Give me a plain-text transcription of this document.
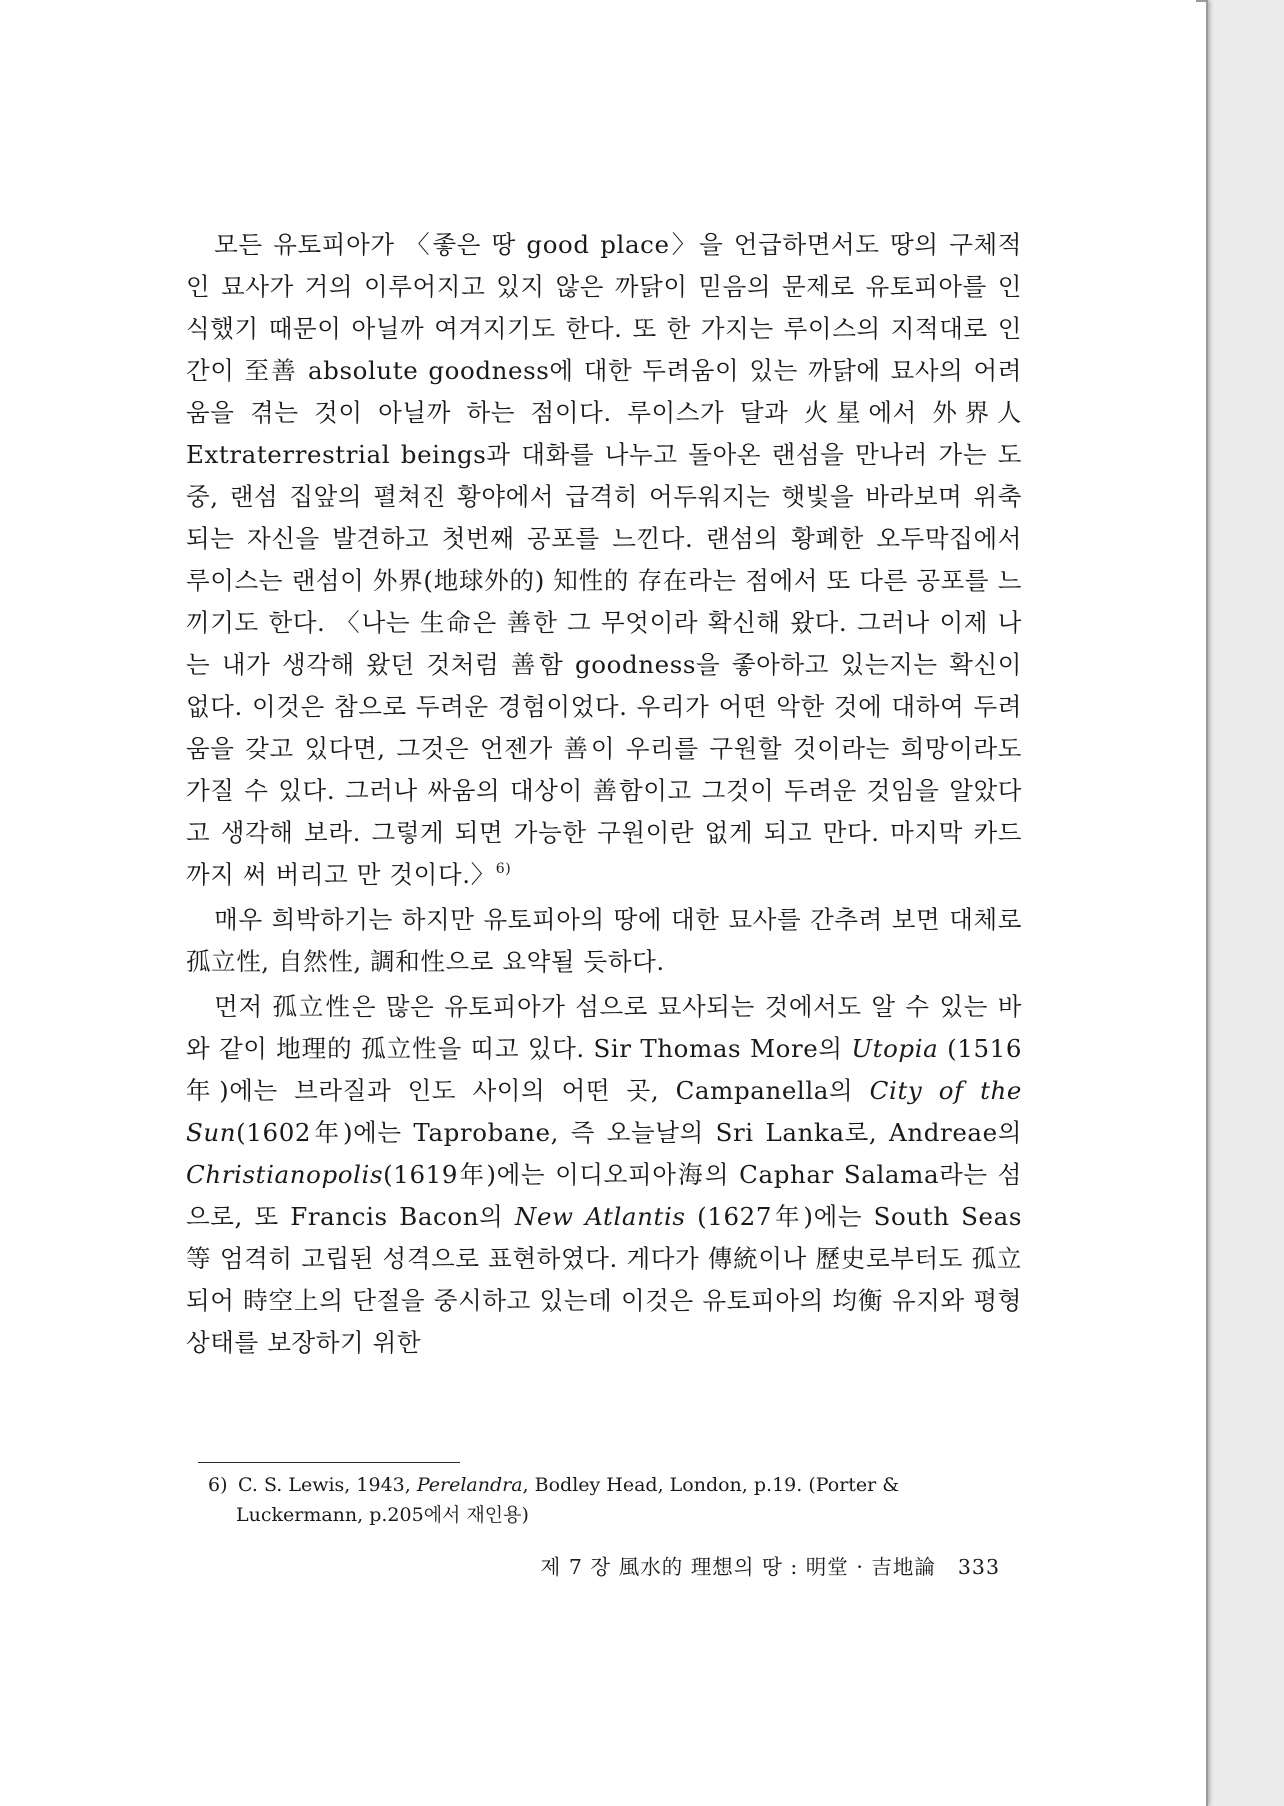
모든 유토피아가 〈좋은 땅 good place〉을 언급하면서도 땅의 구체적인 묘사가 거의 이루어지고 있지 않은 까닭이 믿음의 문제로 유토피아를 인식했기 때문이 아닐까 여겨지기도 한다. 또 한 가지는 루이스의 지적대로 인간이 至善 absolute goodness에 대한 두려움이 있는 까닭에 묘사의 어려움을 겪는 것이 아닐까 하는 점이다. 루이스가 달과 火星에서 外界人 Extraterrestrial beings과 대화를 나누고 돌아온 랜섬을 만나러 가는 도중, 랜섬 집앞의 펼쳐진 황야에서 급격히 어두워지는 햇빛을 바라보며 위축되는 자신을 발견하고 첫번째 공포를 느낀다. 랜섬의 황폐한 오두막집에서 루이스는 랜섬이 外界(地球外的) 知性的 存在라는 점에서 또 다른 공포를 느끼기도 한다. 〈나는 生命은 善한 그 무엇이라 확신해 왔다. 그러나 이제 나는 내가 생각해 왔던 것처럼 善함 goodness을 좋아하고 있는지는 확신이 없다. 이것은 참으로 두려운 경험이었다. 우리가 어떤 악한 것에 대하여 두려움을 갖고 있다면, 그것은 언젠가 善이 우리를 구원할 것이라는 희망이라도 가질 수 있다. 그러나 싸움의 대상이 善함이고 그것이 두려운 것임을 알았다고 생각해 보라. 그렇게 되면 가능한 구원이란 없게 되고 만다. 마지막 카드까지 써 버리고 만 것이다.〉$^{6)}$

매우 희박하기는 하지만 유토피아의 땅에 대한 묘사를 간추려 보면 대체로 孤立性, 自然性, 調和性으로 요약될 듯하다.

먼저 孤立性은 많은 유토피아가 섬으로 묘사되는 것에서도 알 수 있는 바와 같이 地理的 孤立性을 띠고 있다. Sir Thomas More의 Utopia (1516年)에는 브라질과 인도 사이의 어떤 곳, Campanella의 City of the Sun(1602年)에는 Taprobane, 즉 오늘날의 Sri Lanka로, Andreae의 Christianopolis(1619年)에는 이디오피아海의 Caphar Salama라는 섬으로, 또 Francis Bacon의 New Atlantis (1627年)에는 South Seas 等 엄격히 고립된 성격으로 표현하였다. 게다가 傳統이나 歷史로부터도 孤立되어 時空上의 단절을 중시하고 있는데 이것은 유토피아의 均衡 유지와 평형상태를 보장하기 위한

6) C. S. Lewis, 1943, Perelandra, Bodley Head, London, p.19. (Porter &
Luckermann, p.205에서 재인용)
제 7 장 風水的 理想의 땅 : 明堂 · 吉地論 333
